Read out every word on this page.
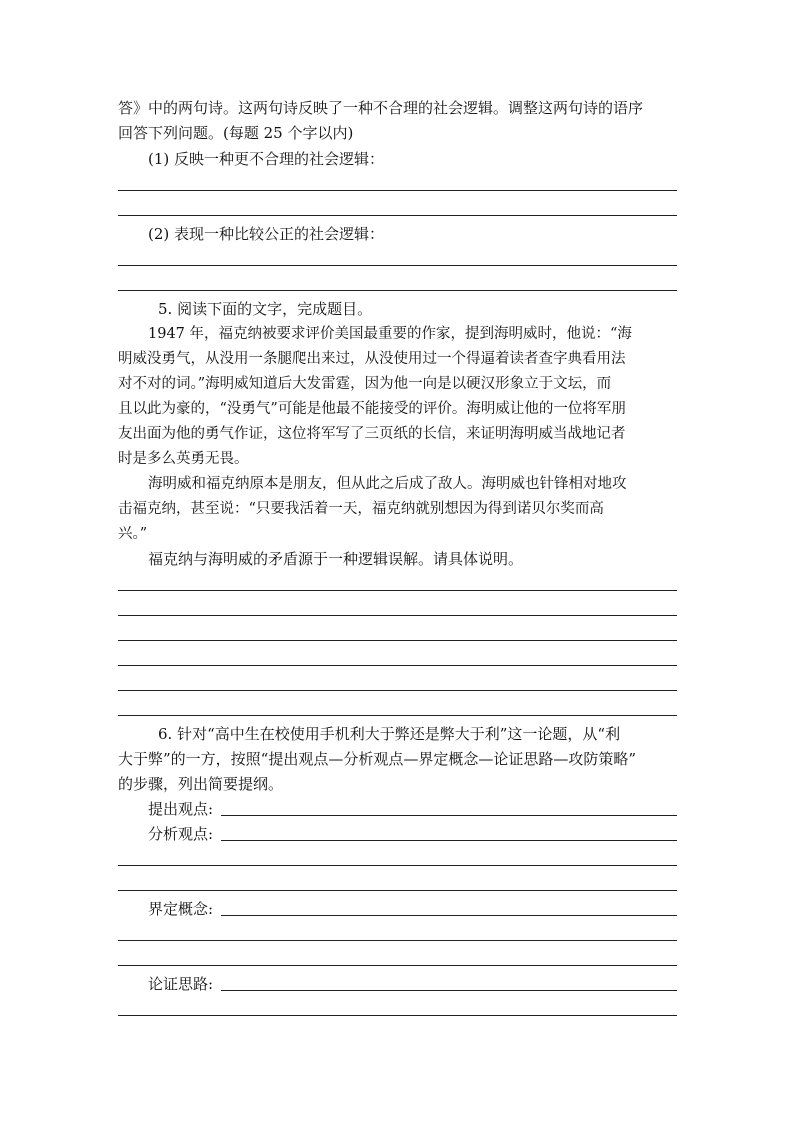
答》中的两句诗。这两句诗反映了一种不合理的社会逻辑。调整这两句诗的语序
回答下列问题。(每题 25 个字以内)
(1) 反映一种更不合理的社会逻辑：
(2) 表现一种比较公正的社会逻辑：
5. 阅读下面的文字，完成题目。
1947 年，福克纳被要求评价美国最重要的作家，提到海明威时，他说：“海
明威没勇气，从没用一条腿爬出来过，从没使用过一个得逼着读者查字典看用法
对不对的词。”海明威知道后大发雷霆，因为他一向是以硬汉形象立于文坛，而
且以此为豪的，“没勇气”可能是他最不能接受的评价。海明威让他的一位将军朋
友出面为他的勇气作证，这位将军写了三页纸的长信，来证明海明威当战地记者
时是多么英勇无畏。
海明威和福克纳原本是朋友，但从此之后成了敌人。海明威也针锋相对地攻
击福克纳，甚至说：“只要我活着一天，福克纳就别想因为得到诺贝尔奖而高
兴。”
福克纳与海明威的矛盾源于一种逻辑误解。请具体说明。
6. 针对“高中生在校使用手机利大于弊还是弊大于利”这一论题，从“利
大于弊”的一方，按照“提出观点—分析观点—界定概念—论证思路—攻防策略”
的步骤，列出简要提纲。
提出观点:
分析观点:
界定概念:
论证思路:
